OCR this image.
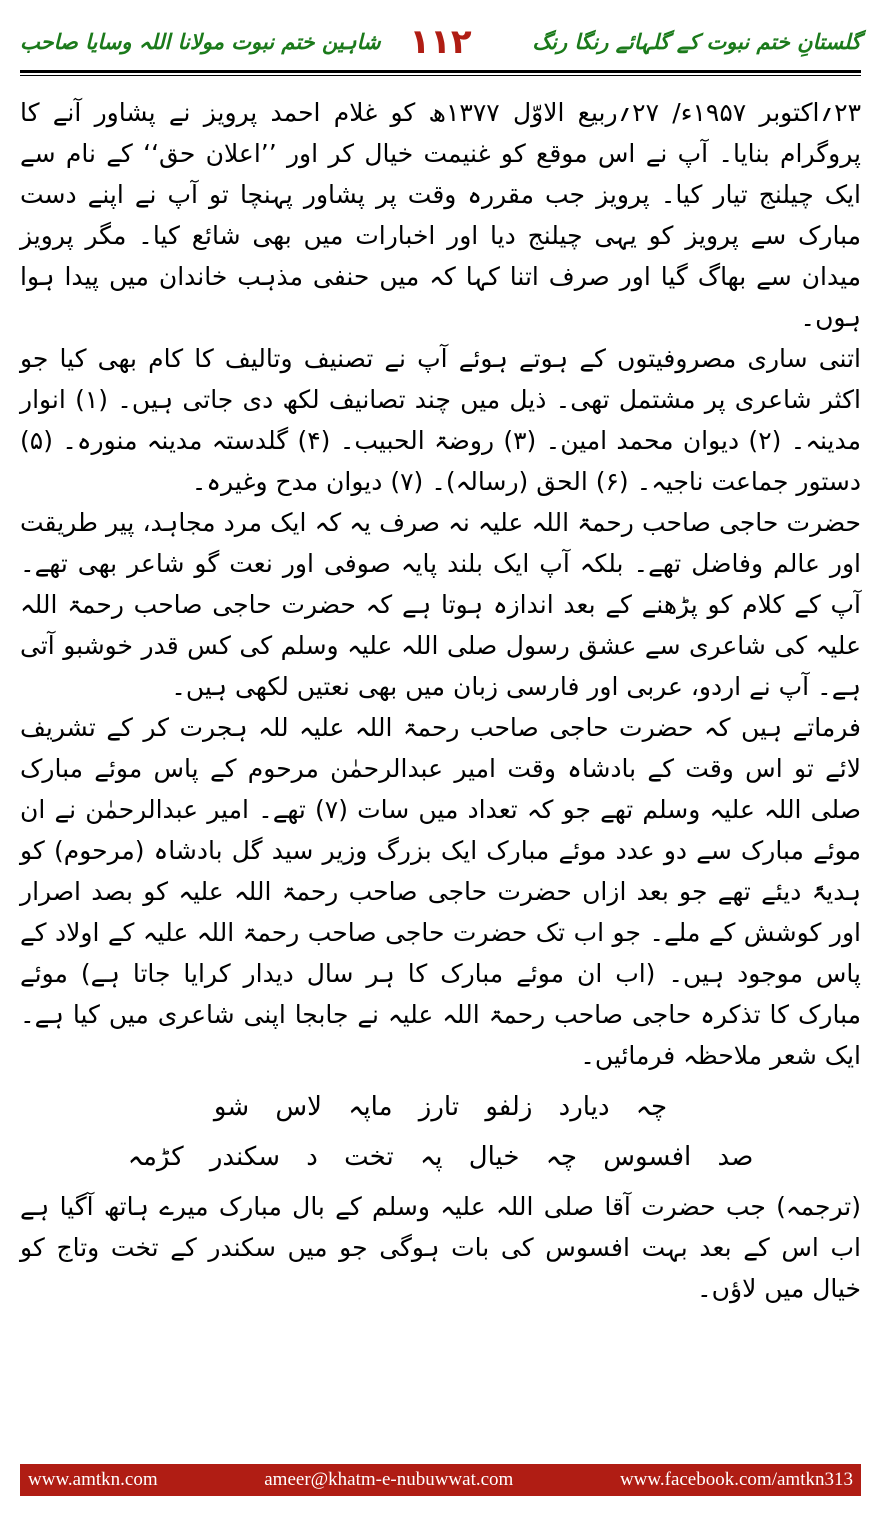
شاہین ختم نبوت مولانا اللہ وسایا صاحب ۱۱۲	گلستانِ ختم نبوت کے گلہائے رنگا رنگ

۲۳؍اکتوبر ۱۹۵۷ء/ ۲۷؍ربیع الاوّل ۱۳۷۷ھ کو غلام احمد پرویز نے پشاور آنے کا پروگرام بنایا۔ آپ نے اس موقع کو غنیمت خیال کر اور ’’اعلان حق‘‘ کے نام سے ایک چیلنج تیار کیا۔ پرویز جب مقررہ وقت پر پشاور پہنچا تو آپ نے اپنے دست مبارک سے پرویز کو یہی چیلنج دیا اور اخبارات میں بھی شائع کیا۔ مگر پرویز میدان سے بھاگ گیا اور صرف اتنا کہا کہ میں حنفی مذہب خاندان میں پیدا ہوا ہوں۔

اتنی ساری مصروفیتوں کے ہوتے ہوئے آپ نے تصنیف وتالیف کا کام بھی کیا جو اکثر شاعری پر مشتمل تھی۔ ذیل میں چند تصانیف لکھ دی جاتی ہیں۔ (۱) انوار مدینہ۔ (۲) دیوان محمد امین۔ (۳) روضۃ الحبیب۔ (۴) گلدستہ مدینہ منورہ۔ (۵) دستور جماعت ناجیہ۔ (۶) الحق (رسالہ)۔ (۷) دیوان مدح وغیرہ۔

حضرت حاجی صاحب رحمۃ اللہ علیہ نہ صرف یہ کہ ایک مرد مجاہد، پیر طریقت اور عالم وفاضل تھے۔ بلکہ آپ ایک بلند پایہ صوفی اور نعت گو شاعر بھی تھے۔ آپ کے کلام کو پڑھنے کے بعد اندازہ ہوتا ہے کہ حضرت حاجی صاحب رحمۃ اللہ علیہ کی شاعری سے عشق رسول صلی اللہ علیہ وسلم کی کس قدر خوشبو آتی ہے۔ آپ نے اردو، عربی اور فارسی زبان میں بھی نعتیں لکھی ہیں۔

فرماتے ہیں کہ حضرت حاجی صاحب رحمۃ اللہ علیہ للہ ہجرت کر کے تشریف لائے تو اس وقت کے بادشاہ وقت امیر عبدالرحمٰن مرحوم کے پاس موئے مبارک صلی اللہ علیہ وسلم تھے جو کہ تعداد میں سات (۷) تھے۔ امیر عبدالرحمٰن نے ان موئے مبارک سے دو عدد موئے مبارک ایک بزرگ وزیر سید گل بادشاہ (مرحوم) کو ہدیۃً دیئے تھے جو بعد ازاں حضرت حاجی صاحب رحمۃ اللہ علیہ کو بصد اصرار اور کوشش کے ملے۔ جو اب تک حضرت حاجی صاحب رحمۃ اللہ علیہ کے اولاد کے پاس موجود ہیں۔ (اب ان موئے مبارک کا ہر سال دیدار کرایا جاتا ہے) موئے مبارک کا تذکرہ حاجی صاحب رحمۃ اللہ علیہ نے جابجا اپنی شاعری میں کیا ہے۔ ایک شعر ملاحظہ فرمائیں۔

چہ دیارد زلفو تارز ماپہ لاس شو
صد افسوس چہ خیال پہ تخت د سکندر کڑمہ

(ترجمہ) جب حضرت آقا صلی اللہ علیہ وسلم کے بال مبارک میرے ہاتھ آگیا ہے اب اس کے بعد بہت افسوس کی بات ہوگی جو میں سکندر کے تخت وتاج کو خیال میں لاؤں۔

www.amtkn.com	ameer@khatm-e-nubuwwat.com	www.facebook.com/amtkn313
